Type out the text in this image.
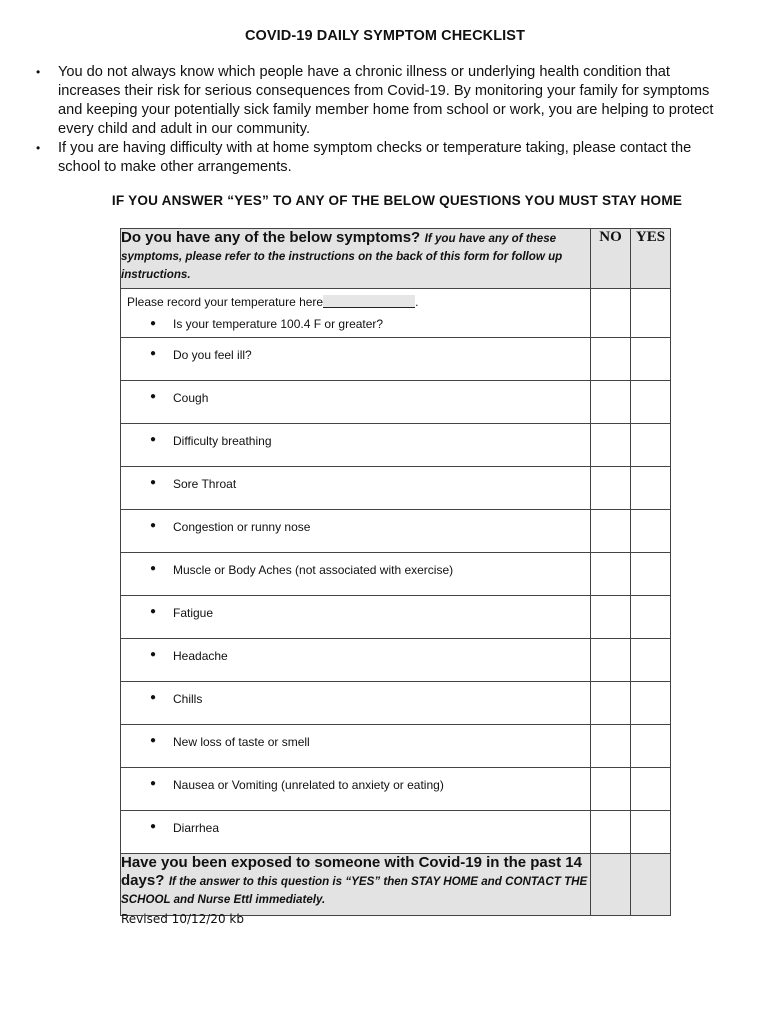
COVID-19 DAILY SYMPTOM CHECKLIST
• You do not always know which people have a chronic illness or underlying health condition that increases their risk for serious consequences from Covid-19. By monitoring your family for symptoms and keeping your potentially sick family member home from school or work, you are helping to protect every child and adult in our community.
• If you are having difficulty with at home symptom checks or temperature taking, please contact the school to make other arrangements.
IF YOU ANSWER “YES” TO ANY OF THE BELOW QUESTIONS YOU MUST STAY HOME
Do you have any of the below symptoms? If you have any of these symptoms, please refer to the instructions on the back of this form for follow up instructions.	NO	YES

Please record your temperature here .
● Is your temperature 100.4 F or greater?		

● Do you feel ill?		

● Cough		

● Difficulty breathing		

● Sore Throat		

● Congestion or runny nose		

● Muscle or Body Aches (not associated with exercise)		

● Fatigue		

● Headache		

● Chills		

● New loss of taste or smell		

● Nausea or Vomiting (unrelated to anxiety or eating)		

● Diarrhea		

Have you been exposed to someone with Covid-19 in the past 14 days? If the answer to this question is “YES” then STAY HOME and CONTACT THE SCHOOL and Nurse Ettl immediately.		
Revised 10/12/20 kb
